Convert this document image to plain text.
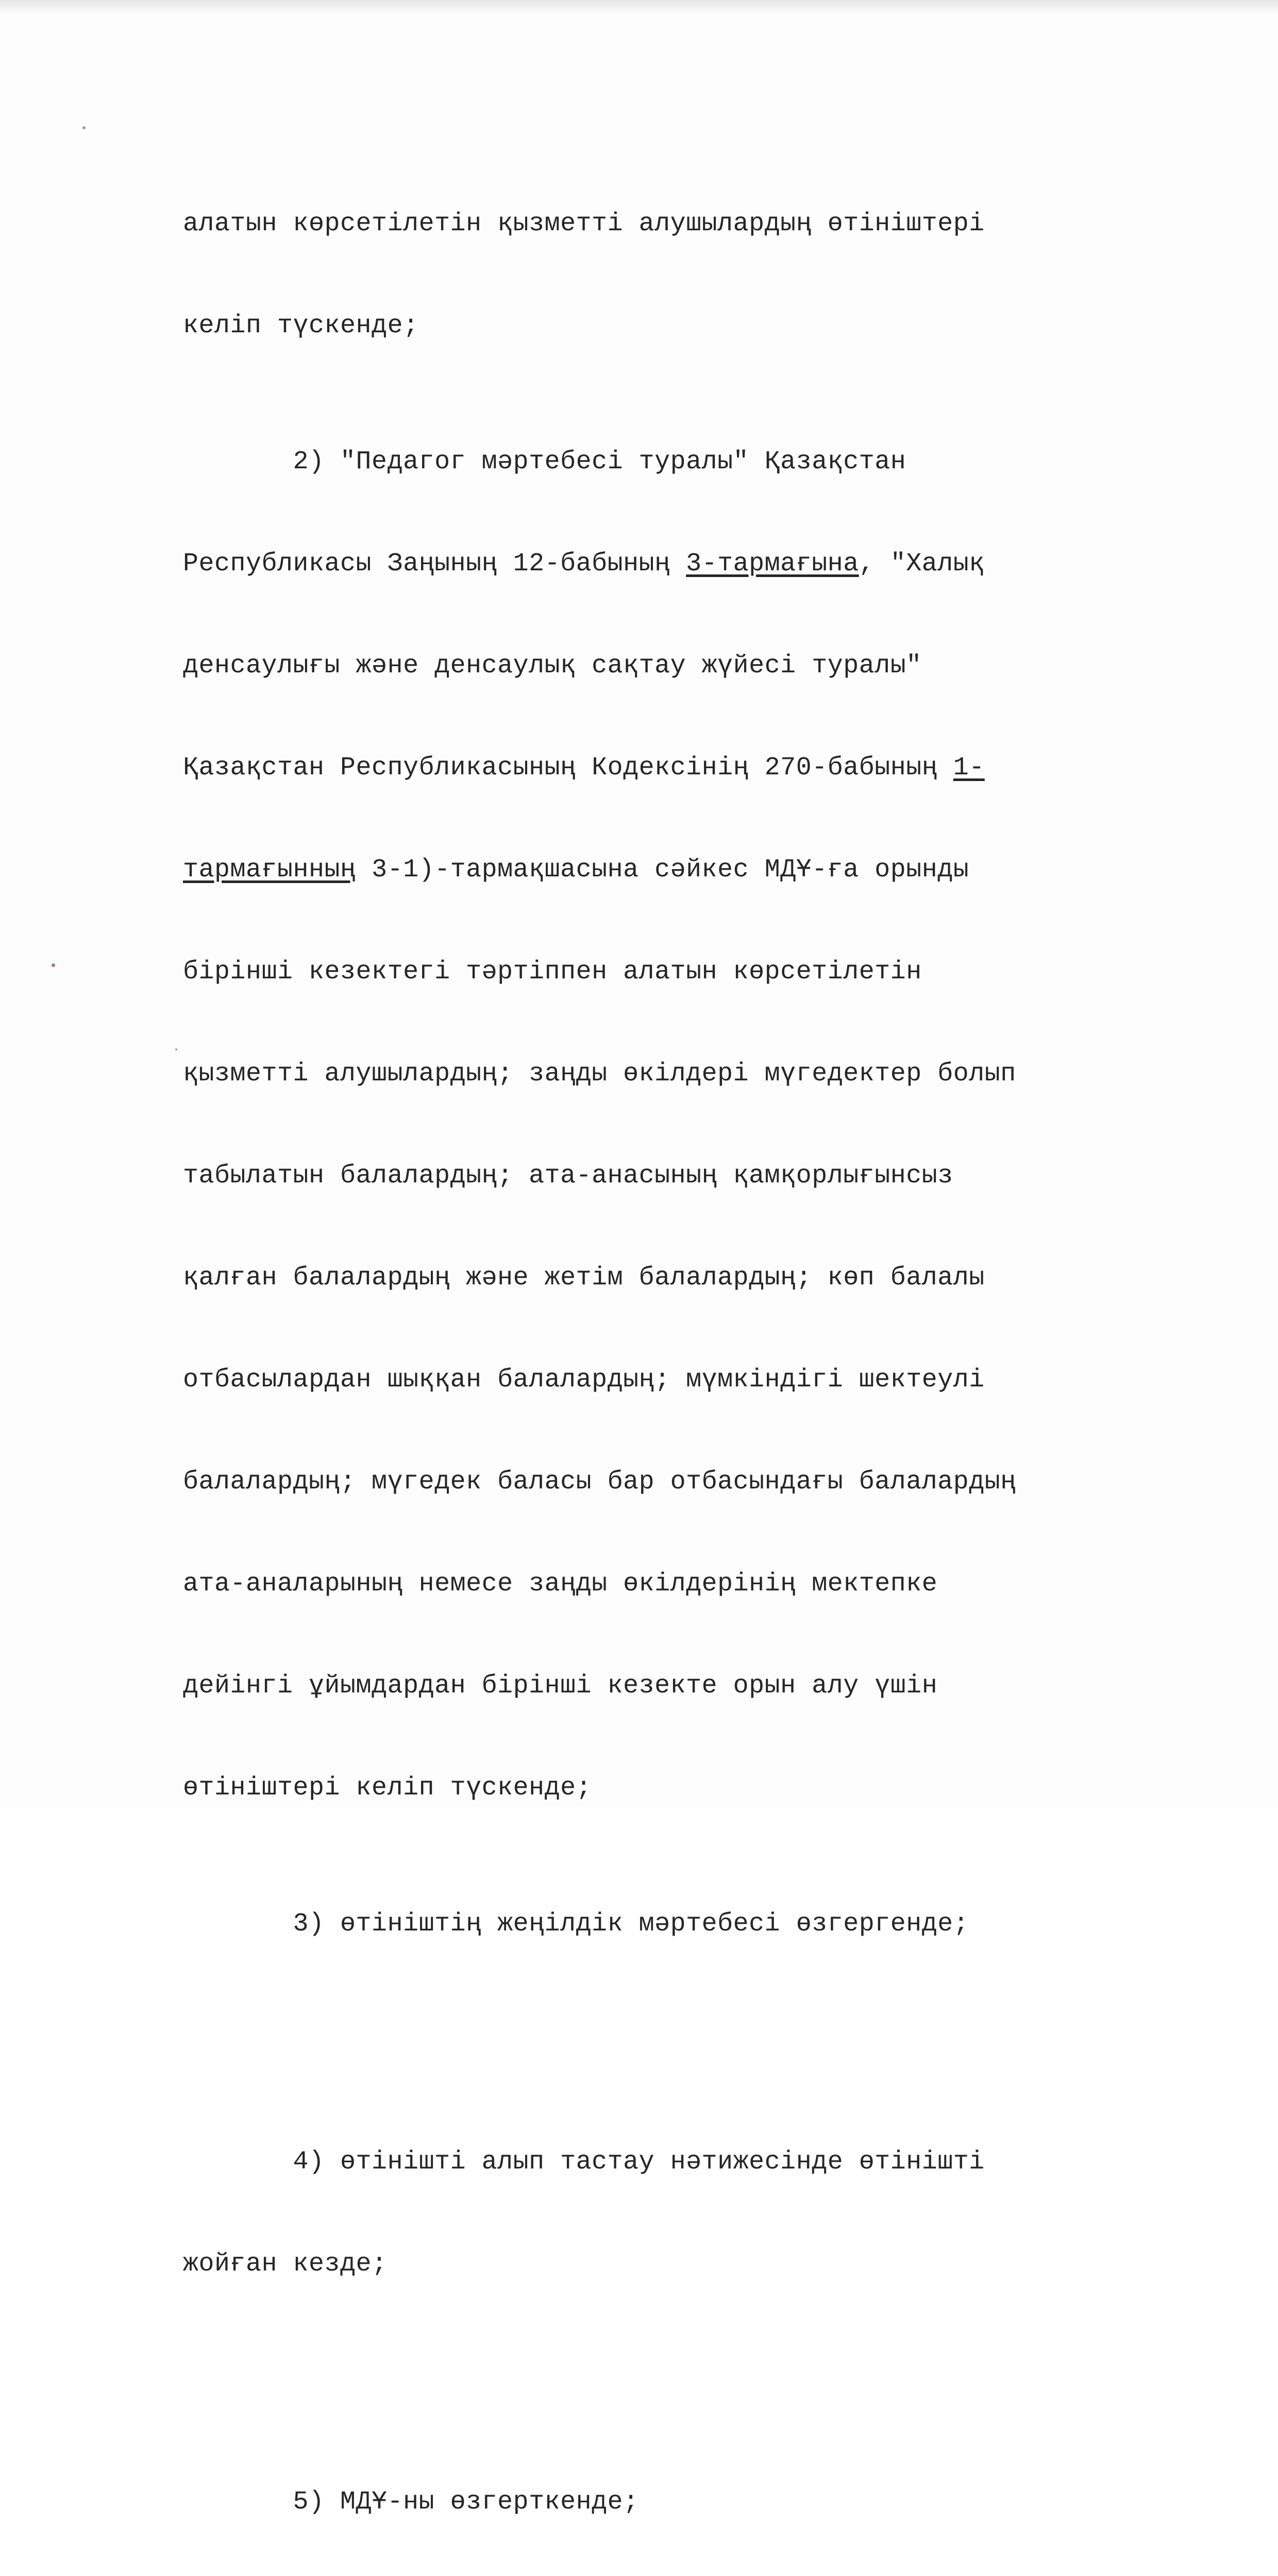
алатын көрсетілетін қызметті алушылардың өтініштері

келіп түскенде;

2) "Педагог мәртебесі туралы" Қазақстан

Республикасы Заңының 12-бабының 3-тармағына, "Халық

денсаулығы және денсаулық сақтау жүйесі туралы"

Қазақстан Республикасының Кодексінің 270-бабының 1-

тармағынның 3-1)-тармақшасына сәйкес МДҰ-ға орынды

бірінші кезектегі тәртіппен алатын көрсетілетін

қызметті алушылардың; заңды өкілдері мүгедектер болып

табылатын балалардың; ата-анасының қамқорлығынсыз

қалған балалардың және жетім балалардың; көп балалы

отбасылардан шыққан балалардың; мүмкіндігі шектеулі

балалардың; мүгедек баласы бар отбасындағы балалардың

ата-аналарының немесе заңды өкілдерінің мектепке

дейінгі ұйымдардан бірінші кезекте орын алу үшін

өтініштері келіп түскенде;

3) өтініштің жеңілдік мәртебесі өзгергенде;

4) өтінішті алып тастау нәтижесінде өтінішті

жойған кезде;

5) МДҰ-ны өзгерткенде;
